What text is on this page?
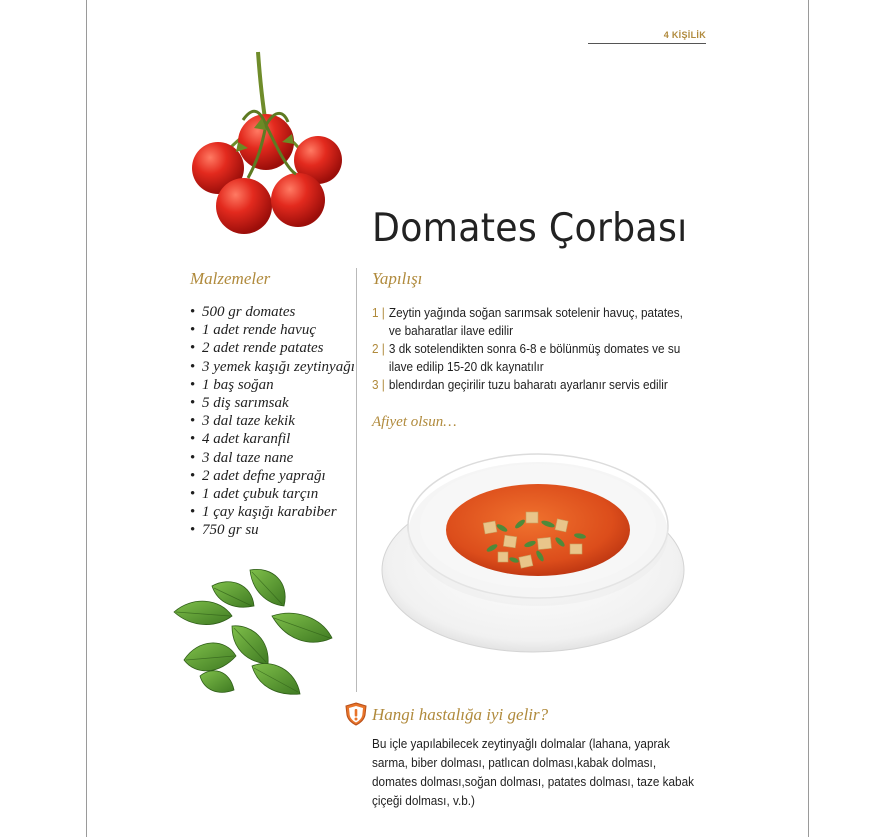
4 KİŞİLİK
Domates Çorbası
Malzemeler	Yapılışı
• 500 gr domates
• 1 adet rende havuç
• 2 adet rende patates
• 3 yemek kaşığı zeytinyağı
• 1 baş soğan
• 5 diş sarımsak
• 3 dal taze kekik
• 4 adet karanfil
• 3 dal taze nane
• 2 adet defne yaprağı
• 1 adet çubuk tarçın
• 1 çay kaşığı karabiber
• 750 gr su
1 | Zeytin yağında soğan sarımsak sotelenir havuç, patates, ve baharatlar ilave edilir
2 | 3 dk sotelendikten sonra 6-8 e bölünmüş domates ve su ilave edilip 15-20 dk kaynatılır
3 | blendırdan geçirilir tuzu baharatı ayarlanır servis edilir
Afiyet olsun…
Hangi hastalığa iyi gelir?
Bu içle yapılabilecek zeytinyağlı dolmalar (lahana, yaprak sarma, biber dolması, patlıcan dolması,kabak dolması, domates dolması,soğan dolması, patates dolması, taze kabak çiçeği dolması, v.b.)
